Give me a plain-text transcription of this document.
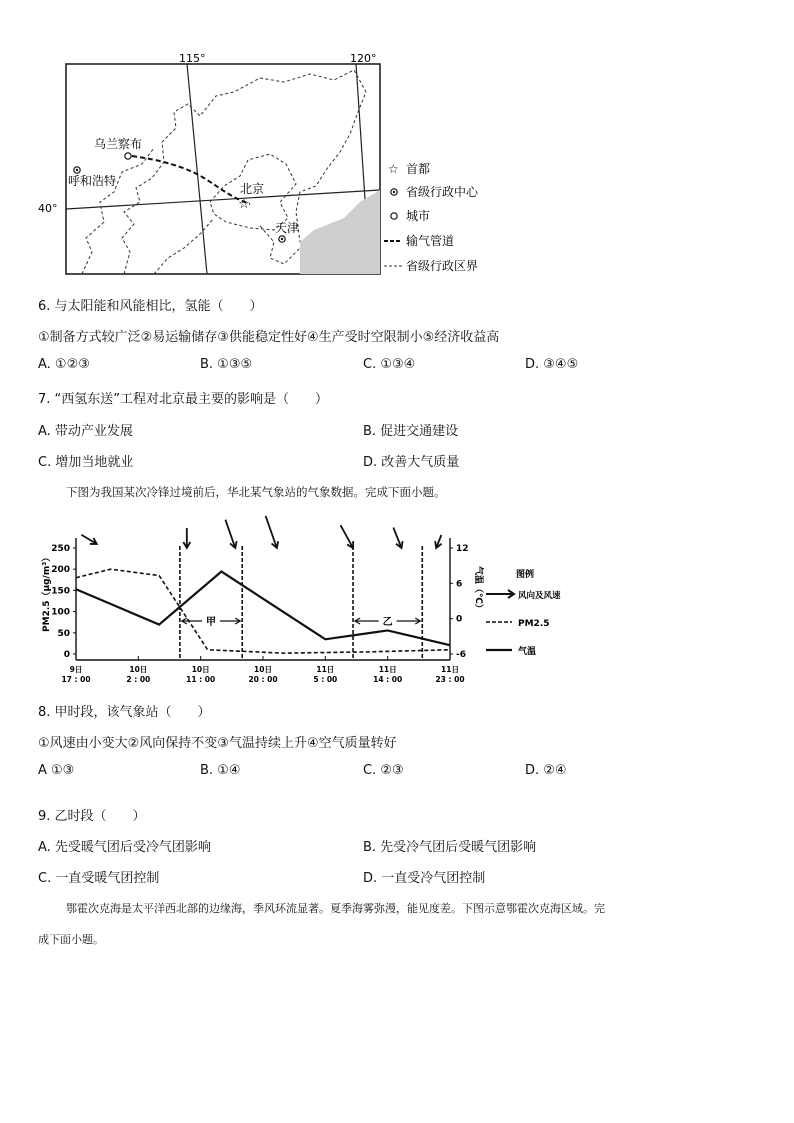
115°	120°
40°
乌兰察布
呼和浩特
北京
☆
天津
☆ 首都
省级行政中心
城市
输气管道
省级行政区界
6. 与太阳能和风能相比，氢能（　　）
①制备方式较广泛②易运输储存③供能稳定性好④生产受时空限制小⑤经济收益高
A. ①②③	B. ①③⑤	C. ①③④	D. ③④⑤
7. “西氢东送”工程对北京最主要的影响是（　　）
A. 带动产业发展	B. 促进交通建设
C. 增加当地就业	D. 改善大气质量
下图为我国某次冷锋过境前后，华北某气象站的气象数据。完成下面小题。
250
200
150
100
50
0
12
6
0
-6
9日
17 : 00
10日
2 : 00
10日
11 : 00
10日
20 : 00
11日
5 : 00
11日
14 : 00
11日
23 : 00
甲	乙
PM2.5（μg/m³）	气温（℃）	图例
风向及风速
PM2.5
气温
8. 甲时段，该气象站（　　）
①风速由小变大②风向保持不变③气温持续上升④空气质量转好
A ①③	B. ①④	C. ②③	D. ②④
9. 乙时段（　　）
A. 先受暖气团后受冷气团影响	B. 先受冷气团后受暖气团影响
C. 一直受暖气团控制	D. 一直受冷气团控制
鄂霍次克海是太平洋西北部的边缘海，季风环流显著。夏季海雾弥漫，能见度差。下图示意鄂霍次克海区域。完
成下面小题。
